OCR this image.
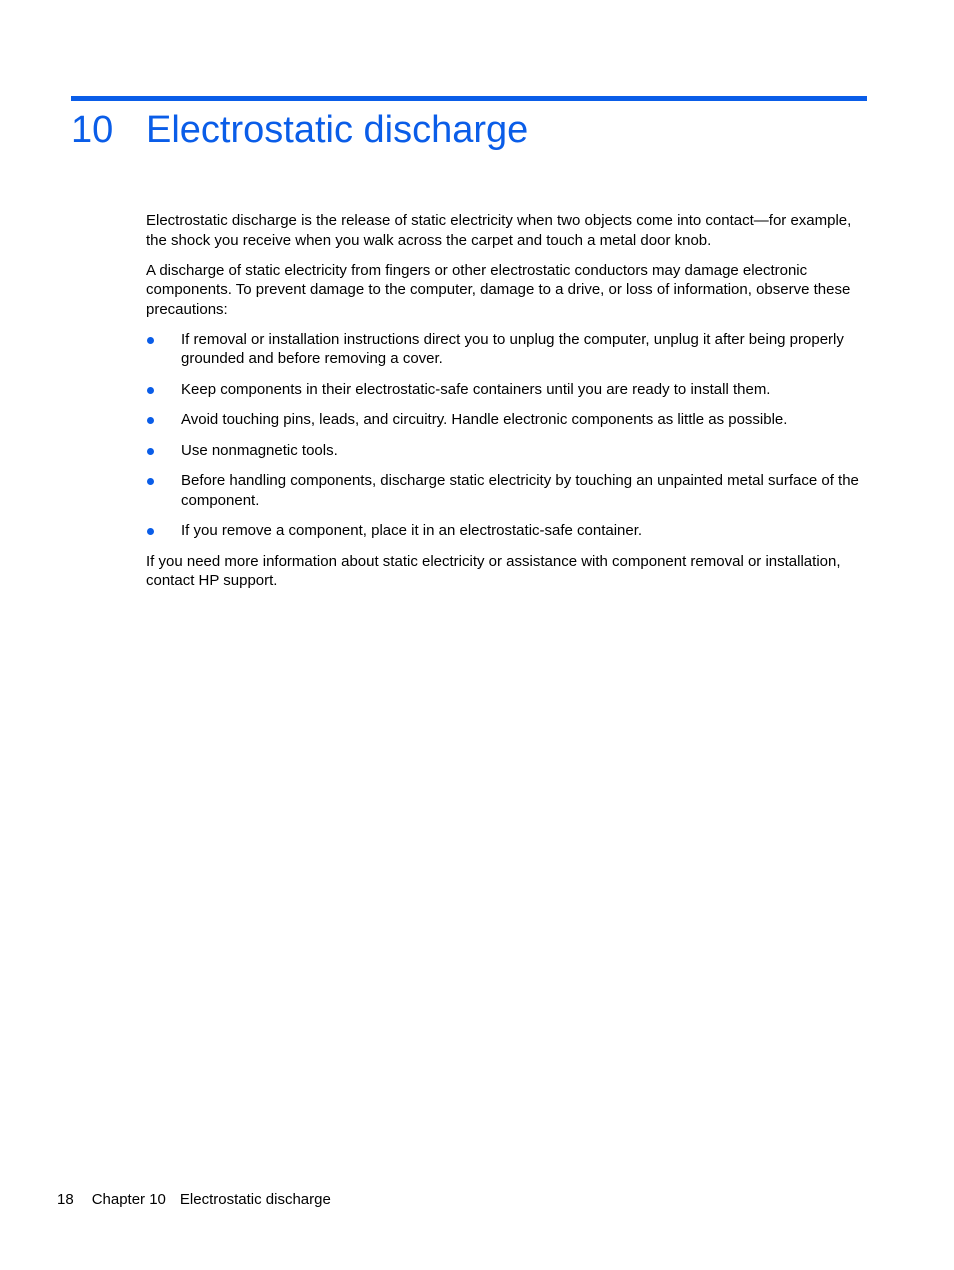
10 Electrostatic discharge

Electrostatic discharge is the release of static electricity when two objects come into contact—for example, the shock you receive when you walk across the carpet and touch a metal door knob.

A discharge of static electricity from fingers or other electrostatic conductors may damage electronic components. To prevent damage to the computer, damage to a drive, or loss of information, observe these precautions:

If removal or installation instructions direct you to unplug the computer, unplug it after being properly grounded and before removing a cover.
Keep components in their electrostatic-safe containers until you are ready to install them.
Avoid touching pins, leads, and circuitry. Handle electronic components as little as possible.
Use nonmagnetic tools.
Before handling components, discharge static electricity by touching an unpainted metal surface of the component.
If you remove a component, place it in an electrostatic-safe container.

If you need more information about static electricity or assistance with component removal or installation, contact HP support.

18 Chapter 10 Electrostatic discharge
